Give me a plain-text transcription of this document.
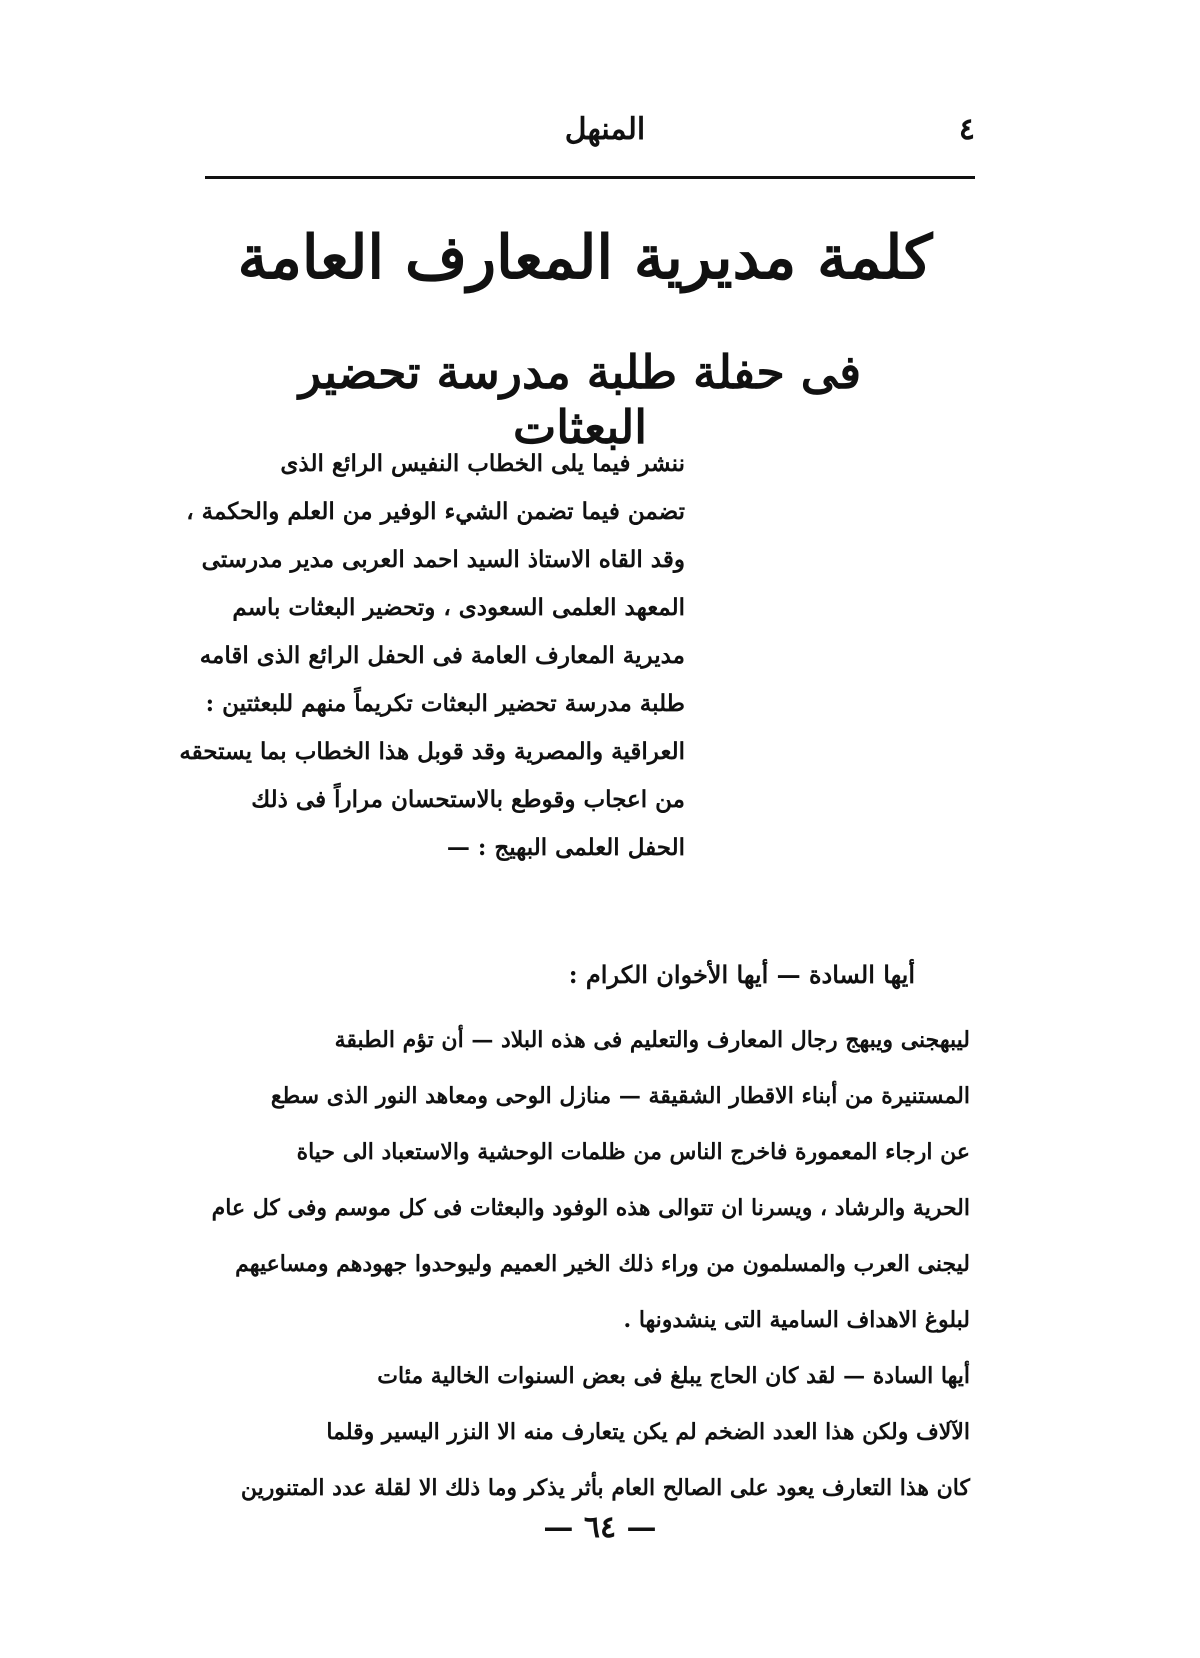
المنهل	٤
كلمة مديرية المعارف العامة
فى حفلة طلبة مدرسة تحضير البعثات
ننشر فيما يلى الخطاب النفيس الرائع الذى
تضمن فيما تضمن الشيء الوفير من العلم والحكمة ،
وقد القاه الاستاذ السيد احمد العربى مدير مدرستى
المعهد العلمى السعودى ، وتحضير البعثات باسم
مديرية المعارف العامة فى الحفل الرائع الذى اقامه
طلبة مدرسة تحضير البعثات تكريماً منهم للبعثتين :
العراقية والمصرية وقد قوبل هذا الخطاب بما يستحقه
من اعجاب وقوطع بالاستحسان مراراً فى ذلك
الحفل العلمى البهيج : —
أيها السادة — أيها الأخوان الكرام :
ليبهجنى ويبهج رجال المعارف والتعليم فى هذه البلاد — أن تؤم الطبقة
المستنيرة من أبناء الاقطار الشقيقة — منازل الوحى ومعاهد النور الذى سطع
عن ارجاء المعمورة فاخرج الناس من ظلمات الوحشية والاستعباد الى حياة
الحرية والرشاد ، ويسرنا ان تتوالى هذه الوفود والبعثات فى كل موسم وفى كل عام
ليجنى العرب والمسلمون من وراء ذلك الخير العميم وليوحدوا جهودهم ومساعيهم
لبلوغ الاهداف السامية التى ينشدونها .
أيها السادة — لقد كان الحاج يبلغ فى بعض السنوات الخالية مئات
الآلاف ولكن هذا العدد الضخم لم يكن يتعارف منه الا النزر اليسير وقلما
كان هذا التعارف يعود على الصالح العام بأثر يذكر وما ذلك الا لقلة عدد المتنورين
— ٦٤ —
